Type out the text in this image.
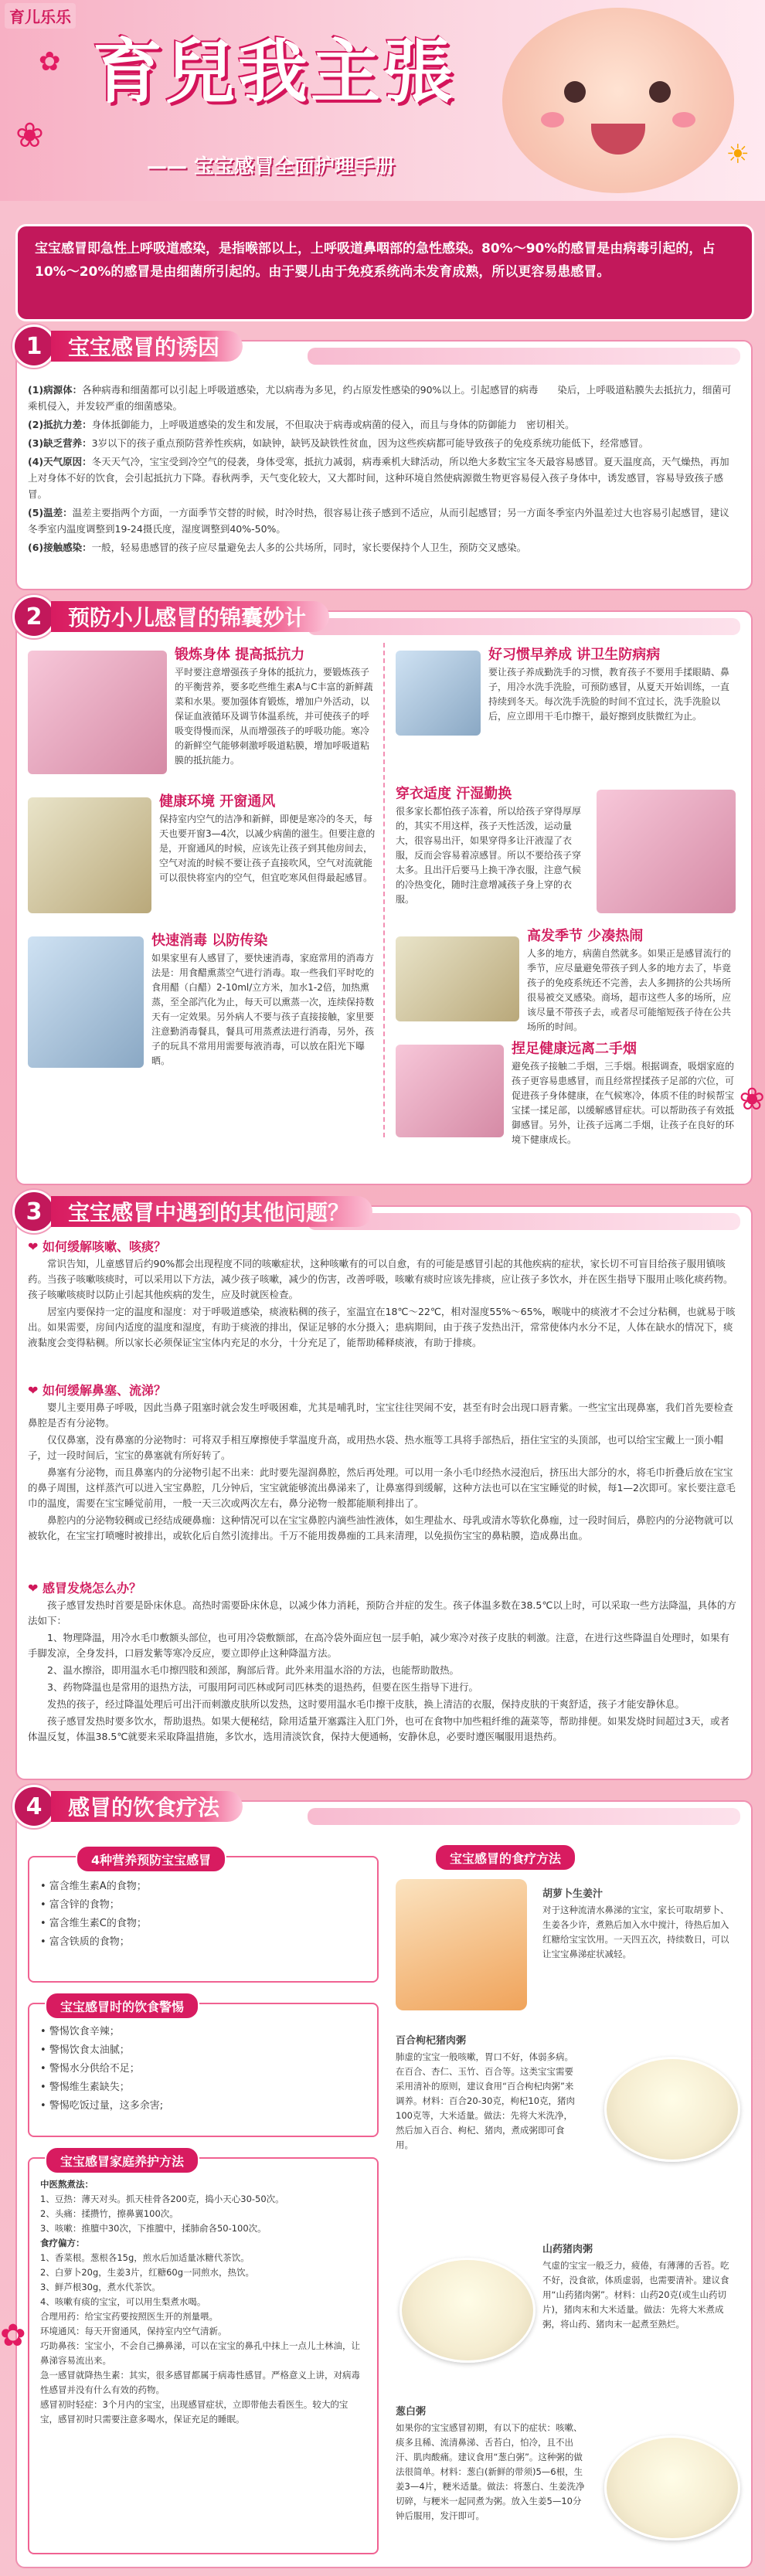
✿
❀
育兒我主張
—— 宝宝感冒全面护理手册	☀
育儿乐乐

宝宝感冒即急性上呼吸道感染，是指喉部以上，上呼吸道鼻咽部的急性感染。80%～90%的感冒是由病毒引起的，占10%～20%的感冒是由细菌所引起的。由于婴儿由于免疫系统尚未发育成熟，所以更容易患感冒。

1	宝宝感冒的诱因

(1)病源体：各种病毒和细菌都可以引起上呼吸道感染，尤以病毒为多见，约占原发性感染的90%以上。引起感冒的病毒　　染后，上呼吸道粘膜失去抵抗力，细菌可乘机侵入，并发较严重的细菌感染。

(2)抵抗力差：身体抵御能力，上呼吸道感染的发生和发展，不但取决于病毒或病菌的侵入，而且与身体的防御能力　密切相关。

(3)缺乏营养：3岁以下的孩子重点预防营养性疾病，如缺钟，缺钙及缺铁性贫血，因为这些疾病都可能导致孩子的免疫系统功能低下，经常感冒。

(4)天气原因：冬天天气冷，宝宝受到冷空气的侵袭，身体受寒，抵抗力减弱，病毒乘机大肆活动，所以绝大多数宝宝冬天最容易感冒。夏天温度高，天气燥热，再加上对身体不好的饮食，会引起抵抗力下降。春秋两季，天气变化较大，又大都时间，这种环境自然使病源微生物更容易侵入孩子身体中，诱发感冒，容易导致孩子感冒。

(5)温差：温差主要指两个方面，一方面季节交替的时候，时冷时热，很容易让孩子感到不适应，从而引起感冒；另一方面冬季室内外温差过大也容易引起感冒，建议冬季室内温度调整到19-24摄氏度，湿度调整到40%-50%。

(6)接触感染：一般，轻易患感冒的孩子应尽量避免去人多的公共场所，同时，家长要保持个人卫生，预防交叉感染。

2	预防小儿感冒的锦囊妙计
锻炼身体 提高抵抗力
平时要注意增强孩子身体的抵抗力，要锻炼孩子的平衡营养，要多吃些维生素A与C丰富的新鲜蔬菜和水果。要加强体育锻炼，增加户外活动，以保证血液循环及调节体温系统，并可使孩子的呼吸变得慢而深，从而增强孩子的呼吸功能。寒冷的新鲜空气能够刺激呼吸道粘膜，增加呼吸道粘膜的抵抗能力。
好习惯早养成 讲卫生防病病
要让孩子养成勤洗手的习惯，教育孩子不要用手揉眼睛、鼻子，用冷水洗手洗脸，可预防感冒，从夏天开始训练，一直持续到冬天。每次洗手洗脸的时间不宜过长，洗手洗脸以后，应立即用干毛巾擦干，最好擦到皮肤微红为止。
健康环境 开窗通风
保持室内空气的洁净和新鲜，即便是寒冷的冬天，每天也要开窗3—4次，以减少病菌的滋生。但要注意的是，开窗通风的时候，应该先让孩子到其他房间去，空气对流的时候不要让孩子直接吹风，空气对流就能可以很快将室内的空气，但宜吃寒风但得最起感冒。
穿衣适度 汗湿勤换
很多家长都怕孩子冻着，所以给孩子穿得厚厚的，其实不用这样，孩子天性活泼，运动量大，很容易出汗，如果穿得多让汗液湿了衣服，反而会容易着凉感冒。所以不要给孩子穿太多。且出汗后要马上换干净衣服，注意气候的冷热变化，随时注意增减孩子身上穿的衣服。
快速消毒 以防传染
如果家里有人感冒了，要快速消毒，家庭常用的消毒方法是：用食醋熏蒸空气进行消毒。取一些我们平时吃的食用醋（白醋）2-10ml/立方米，加水1-2倍，加热熏蒸，至全部汽化为止，每天可以熏蒸一次，连续保持数天有一定效果。另外病人不要与孩子直接接触，家里要注意勤消毒餐具，餐具可用蒸煮法进行消毒，另外，孩子的玩具不常用用需要每液消毒，可以放在阳光下曝晒。
高发季节 少凑热闹
人多的地方，病菌自然就多。如果正是感冒流行的季节，应尽量避免带孩子到人多的地方去了，毕竟孩子的免疫系统还不完善，去人多拥挤的公共场所很易被交叉感染。商场，超市这些人多的场所，应该尽量不带孩子去，或者尽可能缩短孩子待在公共场所的时间。
捏足健康远离二手烟
避免孩子接触二手烟，三手烟。根据调查，吸烟家庭的孩子更容易患感冒，而且经常捏揉孩子足部的穴位，可促进孩子身体健康，在气候寒冷，体质不佳的时候帮宝宝揉一揉足部，以缓解感冒症状。可以帮助孩子有效抵御感冒。另外，让孩子远离二手烟，让孩子在良好的环境下健康成长。
3	宝宝感冒中遇到的其他问题？
❤ 如何缓解咳嗽、咳痰？

常识告知，儿童感冒后约90%都会出现程度不同的咳嗽症状，这种咳嗽有的可以自愈，有的可能是感冒引起的其他疾病的症状，家长切不可盲目给孩子服用镇咳药。当孩子咳嗽咳痰时，可以采用以下方法，减少孩子咳嗽，减少的伤害，改善呼吸，咳嗽有痰时应该先排痰，应让孩子多饮水，并在医生指导下服用止咳化痰药物。孩子咳嗽咳痰时以防止引起其他疾病的发生，应及时就医检查。

居室内要保持一定的温度和湿度：对于呼吸道感染，痰液粘稠的孩子，室温宜在18℃～22℃，相对湿度55%～65%，喉咙中的痰液才不会过分粘稠，也就易于咳出。如果需要，房间内适度的温度和湿度，有助于痰液的排出，保证足够的水分摄入；患病期间，由于孩子发热出汗，常常使体内水分不足，人体在缺水的情况下，痰液黏度会变得粘稠。所以家长必须保证宝宝体内充足的水分，十分充足了，能帮助稀释痰液，有助于排痰。

❤ 如何缓解鼻塞、流涕？

婴儿主要用鼻子呼吸，因此当鼻子阻塞时就会发生呼吸困难，尤其是哺乳时，宝宝往往哭闹不安，甚至有时会出现口唇青紫。一些宝宝出现鼻塞，我们首先要检查鼻腔是否有分泌物。

仅仅鼻塞，没有鼻塞的分泌物时：可将双手相互摩擦使手掌温度升高，或用热水袋、热水瓶等工具将手部热后，捂住宝宝的头顶部，也可以给宝宝戴上一顶小帽子，过一段时间后，宝宝的鼻塞就有所好转了。

鼻塞有分泌物，而且鼻塞内的分泌物引起不出来：此时要先湿润鼻腔，然后再处理。可以用一条小毛巾经热水浸泡后，挤压出大部分的水，将毛巾折叠后放在宝宝的鼻子周围，这样蒸汽可以进入宝宝鼻腔，几分钟后，宝宝就能够流出鼻涕来了，让鼻塞得到缓解，这种方法也可以在宝宝睡觉的时候，每1—2次即可。家长要注意毛巾的温度，需要在宝宝睡觉前用，一般一天三次或两次左右，鼻分泌物一般都能顺利排出了。

鼻腔内的分泌物较稠或已经结成硬鼻痂：这种情况可以在宝宝鼻腔内滴些油性液体，如生理盐水、母乳或清水等软化鼻痂，过一段时间后，鼻腔内的分泌物就可以被软化，在宝宝打喷嚏时被排出，或软化后自然引流排出。千万不能用拨鼻痂的工具来清理，以免损伤宝宝的鼻粘膜，造成鼻出血。

❤ 感冒发烧怎么办？

孩子感冒发热时首要是卧床休息。高热时需要卧床休息，以减少体力消耗，预防合并症的发生。孩子体温多数在38.5℃以上时，可以采取一些方法降温，具体的方法如下：

1、物理降温，用冷水毛巾敷额头部位，也可用冷袋敷额部，在高冷袋外面应包一层手帕，减少寒冷对孩子皮肤的刺激。注意，在进行这些降温自处理时，如果有手脚发凉，全身发抖，口唇发紫等寒冷反应，要立即停止这种降温方法。

2、温水擦浴，即用温水毛巾擦四肢和颈部，胸部后背。此外来用温水浴的方法，也能帮助散热。

3、药物降温也是常用的退热方法，可服用阿司匹林或阿司匹林类的退热药，但要在医生指导下进行。

发热的孩子，经过降温处理后可出汗而刺激皮肤所以发热，这时要用温水毛巾擦干皮肤，换上清洁的衣服，保持皮肤的干爽舒适，孩子才能安静休息。

孩子感冒发热时要多饮水，帮助退热。如果大便秘结，除用适量开塞露注入肛门外，也可在食物中加些粗纤维的蔬菜等，帮助排便。如果发烧时间超过3天，或者体温反复，体温38.5℃就要来采取降温措施，多饮水，选用清淡饮食，保持大便通畅，安静休息，必要时遵医嘱服用退热药。

4	感冒的饮食疗法
4种营养预防宝宝感冒

• 富含维生素A的食物；

• 富含锌的食物；

• 富含维生素C的食物；

• 富含铁质的食物；

宝宝感冒时的饮食警惕

• 警惕饮食辛辣；

• 警惕饮食太油腻；

• 警惕水分供给不足；

• 警惕维生素缺失；

• 警惕吃饭过量，这多余害;

宝宝感冒家庭养护方法

中医熬煮法：

1、豆热：薄天对头。抓天桂骨各200克，捣小天心30-50次。

2、头痛：揉攒竹，擦鼻翼100次。

3、咳嗽：推膻中30次，下推膻中，揉肺俞各50-100次。

食疗偏方：

1、香菜根。葱根各15g，煎水后加适量冰糖代茶饮。

2、白萝卜20g，生姜3片，红糖60g一同煎水，热饮。

3、鲜芦根30g，煮水代茶饮。

4、咳嗽有痰的宝宝，可以用生梨煮水喝。

合理用药：给宝宝药要按照医生开的剂量喂。

环境通风：每天开窗通风，保持室内空气清新。

巧助鼻孩：宝宝小，不会自己擤鼻涕，可以在宝宝的鼻孔中抹上一点儿土林油，让鼻涕容易流出来。

急一感冒就降热生素：其实，很多感冒都属于病毒性感冒。严格意义上讲，对病毒性感冒并没有什么有效的药物。

感冒初时轻症：3个月内的宝宝，出现感冒症状，立即带他去看医生。较大的宝宝，感冒初时只需要注意多喝水，保证充足的睡眠。

宝宝感冒的食疗方法
胡萝卜生姜汁
对于这种流清水鼻涕的宝宝，家长可取胡萝卜、生姜各少许，煮熟后加入水中搅汁，待热后加入红糖给宝宝饮用。一天四五次，持续数日，可以让宝宝鼻涕症状减轻。
百合枸杞猪肉粥
肺虚的宝宝一般咳嗽，胃口不好，体弱多病。在百合、杏仁、玉竹、百合等。这类宝宝需要采用清补的原则，建议食用“百合枸杞肉粥”来调养。材料：百合20-30克，枸杞10克，猪肉100克等，大米适量。做法：先将大米洗净，然后加入百合、枸杞、猪肉，煮成粥即可食用。
山药猪肉粥
气虚的宝宝一般乏力，疲倦，有薄薄的舌苔。吃不好，没食欲，体质虚弱，也需要清补。建议食用“山药猪肉粥”。材料：山药20克(或生山药切片)，猪肉末和大米适量。做法：先将大米煮成粥，将山药、猪肉末一起煮至熟烂。
葱白粥
如果你的宝宝感冒初期，有以下的症状：咳嗽、痰多且稀、流清鼻涕、舌苔白，怕冷，且不出汗、肌肉酸痛。建议食用“葱白粥”。这种粥的做法很简单。材料：葱白(新鲜的带须)5—6根，生姜3—4片，粳米适量。做法：将葱白、生姜洗净切碎，与粳米一起同煮为粥。放入生姜5—10分钟后服用，发汗即可。
✿
❀
